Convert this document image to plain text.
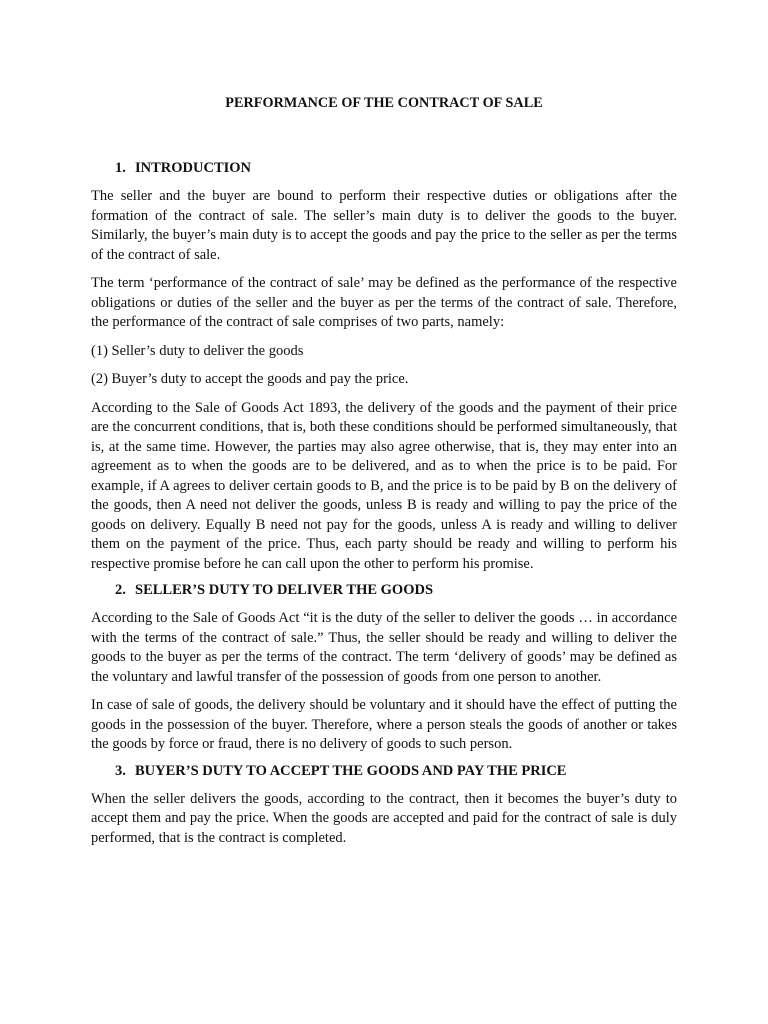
PERFORMANCE OF THE CONTRACT OF SALE
1. INTRODUCTION

The seller and the buyer are bound to perform their respective duties or obligations after the formation of the contract of sale. The seller’s main duty is to deliver the goods to the buyer. Similarly, the buyer’s main duty is to accept the goods and pay the price to the seller as per the terms of the contract of sale.

The term ‘performance of the contract of sale’ may be defined as the performance of the respective obligations or duties of the seller and the buyer as per the terms of the contract of sale. Therefore, the performance of the contract of sale comprises of two parts, namely:

(1) Seller’s duty to deliver the goods

(2) Buyer’s duty to accept the goods and pay the price.

According to the Sale of Goods Act 1893, the delivery of the goods and the payment of their price are the concurrent conditions, that is, both these conditions should be performed simultaneously, that is, at the same time. However, the parties may also agree otherwise, that is, they may enter into an agreement as to when the goods are to be delivered, and as to when the price is to be paid. For example, if A agrees to deliver certain goods to B, and the price is to be paid by B on the delivery of the goods, then A need not deliver the goods, unless B is ready and willing to pay the price of the goods on delivery. Equally B need not pay for the goods, unless A is ready and willing to deliver them on the payment of the price. Thus, each party should be ready and willing to perform his respective promise before he can call upon the other to perform his promise.

2. SELLER’S DUTY TO DELIVER THE GOODS

According to the Sale of Goods Act “it is the duty of the seller to deliver the goods … in accordance with the terms of the contract of sale.” Thus, the seller should be ready and willing to deliver the goods to the buyer as per the terms of the contract. The term ‘delivery of goods’ may be defined as the voluntary and lawful transfer of the possession of goods from one person to another.

In case of sale of goods, the delivery should be voluntary and it should have the effect of putting the goods in the possession of the buyer. Therefore, where a person steals the goods of another or takes the goods by force or fraud, there is no delivery of goods to such person.

3. BUYER’S DUTY TO ACCEPT THE GOODS AND PAY THE PRICE

When the seller delivers the goods, according to the contract, then it becomes the buyer’s duty to accept them and pay the price. When the goods are accepted and paid for the contract of sale is duly performed, that is the contract is completed.
